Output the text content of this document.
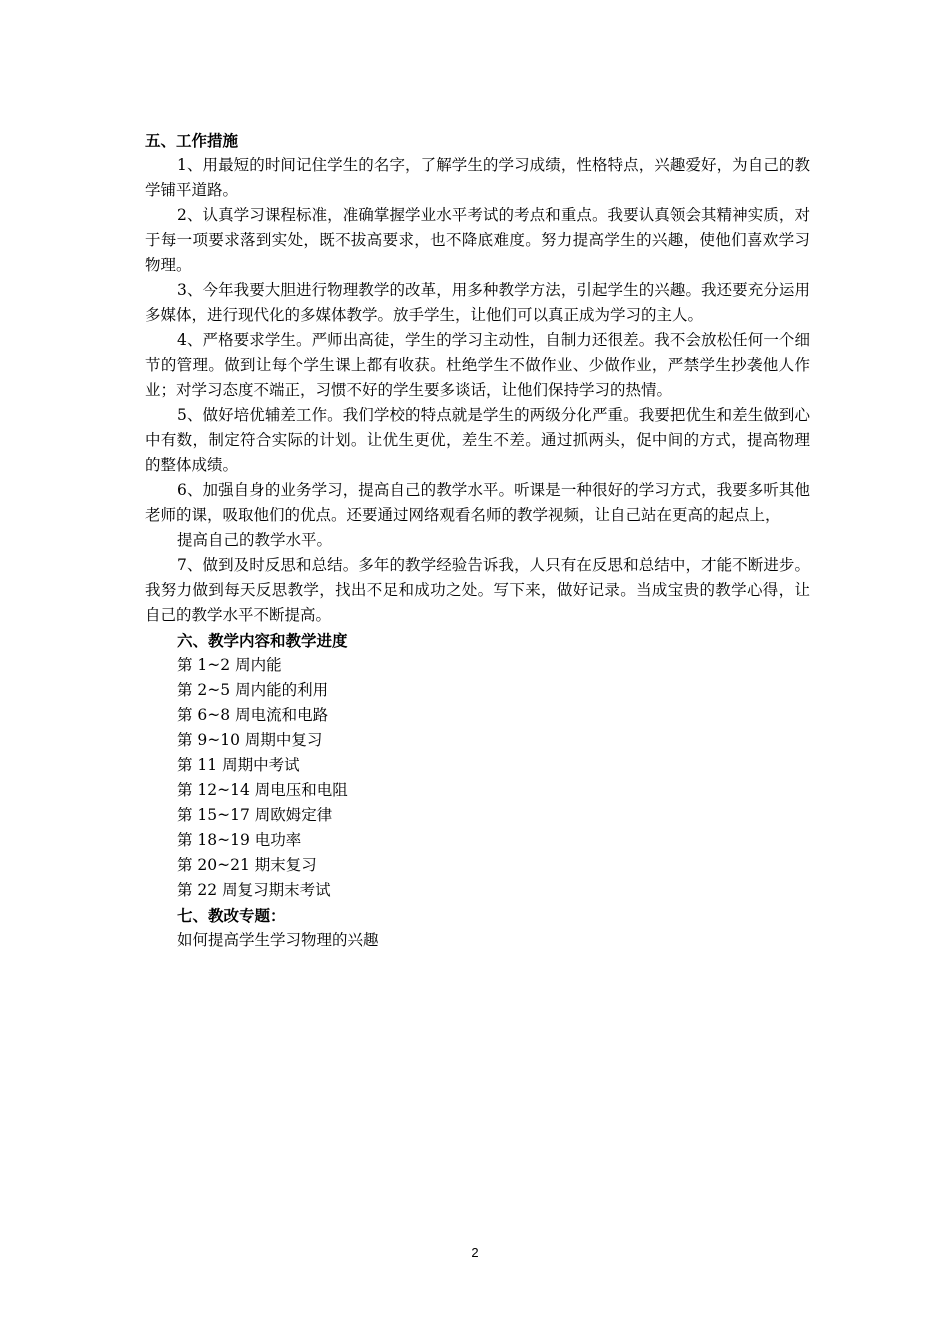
五、工作措施

1、用最短的时间记住学生的名字，了解学生的学习成绩，性格特点，兴趣爱好，为自己的教学铺平道路。

2、认真学习课程标准，准确掌握学业水平考试的考点和重点。我要认真领会其精神实质，对于每一项要求落到实处，既不拔高要求，也不降底难度。努力提高学生的兴趣，使他们喜欢学习物理。

3、今年我要大胆进行物理教学的改革，用多种教学方法，引起学生的兴趣。我还要充分运用多媒体，进行现代化的多媒体教学。放手学生，让他们可以真正成为学习的主人。

4、严格要求学生。严师出高徒，学生的学习主动性，自制力还很差。我不会放松任何一个细节的管理。做到让每个学生课上都有收获。杜绝学生不做作业、少做作业，严禁学生抄袭他人作业；对学习态度不端正，习惯不好的学生要多谈话，让他们保持学习的热情。

5、做好培优辅差工作。我们学校的特点就是学生的两级分化严重。我要把优生和差生做到心中有数，制定符合实际的计划。让优生更优，差生不差。通过抓两头，促中间的方式，提高物理的整体成绩。

6、加强自身的业务学习，提高自己的教学水平。听课是一种很好的学习方式，我要多听其他老师的课，吸取他们的优点。还要通过网络观看名师的教学视频，让自己站在更高的起点上，

提高自己的教学水平。

7、做到及时反思和总结。多年的教学经验告诉我，人只有在反思和总结中，才能不断进步。我努力做到每天反思教学，找出不足和成功之处。写下来，做好记录。当成宝贵的教学心得，让自己的教学水平不断提高。

六、教学内容和教学进度

第 1~2 周内能

第 2~5 周内能的利用

第 6~8 周电流和电路

第 9~10 周期中复习

第 11 周期中考试

第 12~14 周电压和电阻

第 15~17 周欧姆定律

第 18~19 电功率

第 20~21 期末复习

第 22 周复习期末考试

七、教改专题：

如何提高学生学习物理的兴趣

2
